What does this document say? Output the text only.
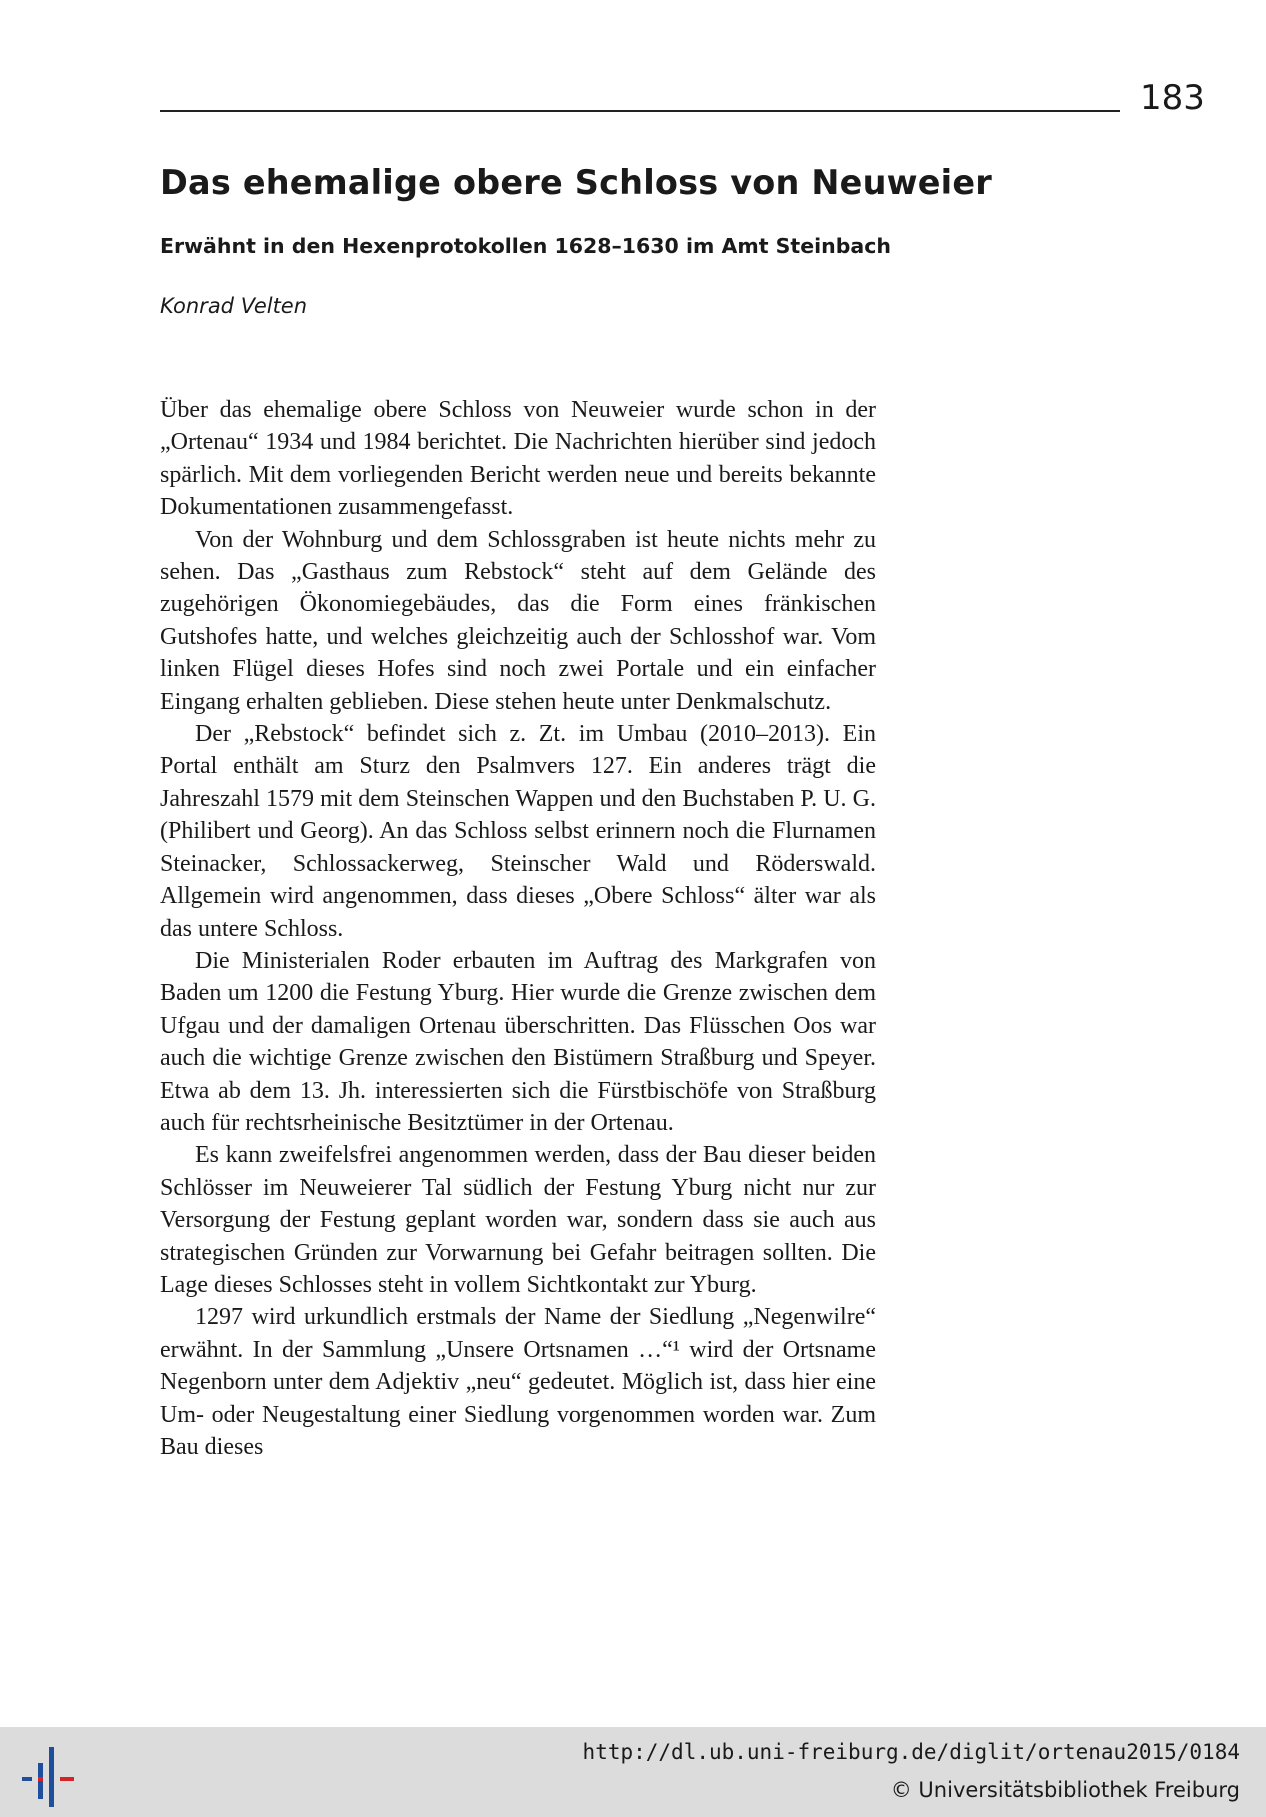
183
Das ehemalige obere Schloss von Neuweier
Erwähnt in den Hexenprotokollen 1628–1630 im Amt Steinbach

Konrad Velten

Über das ehemalige obere Schloss von Neuweier wurde schon in der „Ortenau“ 1934 und 1984 berichtet. Die Nachrichten hierüber sind jedoch spärlich. Mit dem vorliegenden Bericht werden neue und bereits bekannte Dokumentationen zusammengefasst.

Von der Wohnburg und dem Schlossgraben ist heute nichts mehr zu sehen. Das „Gasthaus zum Rebstock“ steht auf dem Gelände des zugehörigen Ökonomiegebäudes, das die Form eines fränkischen Gutshofes hatte, und welches gleichzeitig auch der Schlosshof war. Vom linken Flügel dieses Hofes sind noch zwei Portale und ein einfacher Eingang erhalten geblieben. Diese stehen heute unter Denkmalschutz.

Der „Rebstock“ befindet sich z. Zt. im Umbau (2010–2013). Ein Portal enthält am Sturz den Psalmvers 127. Ein anderes trägt die Jahreszahl 1579 mit dem Steinschen Wappen und den Buchstaben P. U. G. (Philibert und Georg). An das Schloss selbst erinnern noch die Flurnamen Steinacker, Schlossackerweg, Steinscher Wald und Röderswald. Allgemein wird angenommen, dass dieses „Obere Schloss“ älter war als das untere Schloss.

Die Ministerialen Roder erbauten im Auftrag des Markgrafen von Baden um 1200 die Festung Yburg. Hier wurde die Grenze zwischen dem Ufgau und der damaligen Ortenau überschritten. Das Flüsschen Oos war auch die wichtige Grenze zwischen den Bistümern Straßburg und Speyer. Etwa ab dem 13. Jh. interessierten sich die Fürstbischöfe von Straßburg auch für rechtsrheinische Besitztümer in der Ortenau.

Es kann zweifelsfrei angenommen werden, dass der Bau dieser beiden Schlösser im Neuweierer Tal südlich der Festung Yburg nicht nur zur Versorgung der Festung geplant worden war, sondern dass sie auch aus strategischen Gründen zur Vorwarnung bei Gefahr beitragen sollten. Die Lage dieses Schlosses steht in vollem Sichtkontakt zur Yburg.

1297 wird urkundlich erstmals der Name der Siedlung „Negenwilre“ erwähnt. In der Sammlung „Unsere Ortsnamen …“¹ wird der Ortsname Negenborn unter dem Adjektiv „neu“ gedeutet. Möglich ist, dass hier eine Um- oder Neugestaltung einer Siedlung vorgenommen worden war. Zum Bau dieses

http://dl.ub.uni-freiburg.de/diglit/ortenau2015/0184

© Universitätsbibliothek Freiburg
